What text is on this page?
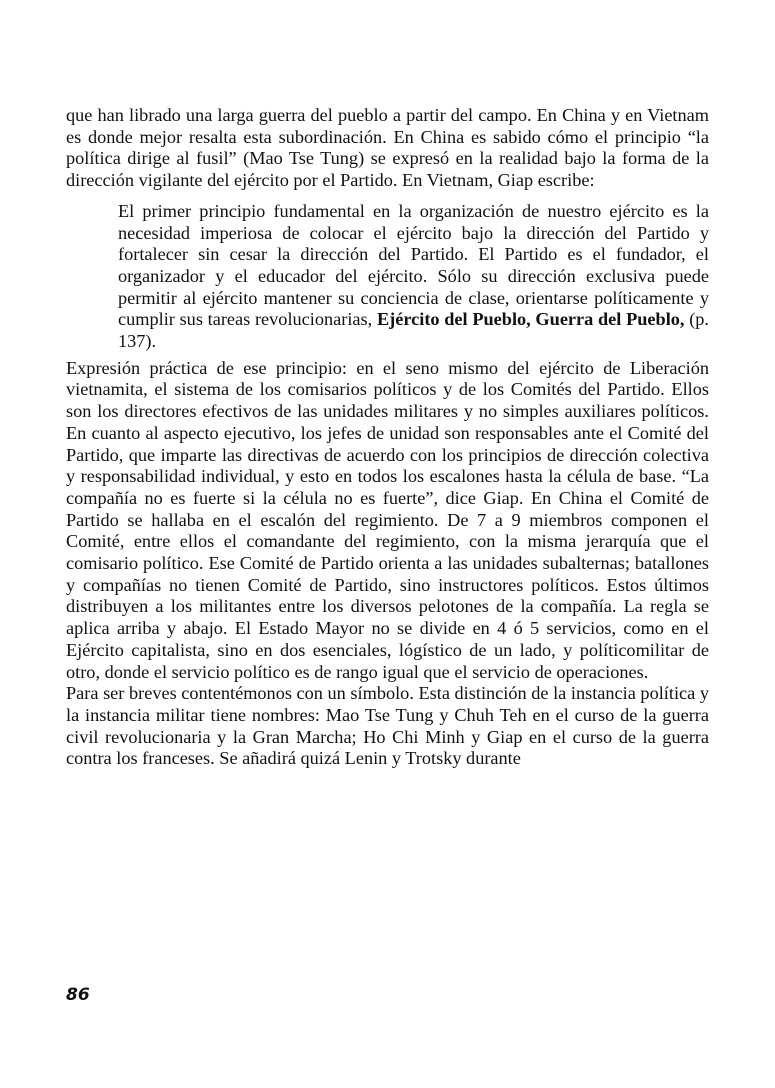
que han librado una larga guerra del pueblo a partir del campo. En China y en Vietnam es donde mejor resalta esta subordinación. En China es sabido cómo el principio “la política dirige al fusil” (Mao Tse Tung) se expresó en la realidad bajo la forma de la dirección vigilante del ejército por el Partido. En Vietnam, Giap escribe:

El primer principio fundamental en la organización de nuestro ejército es la necesidad imperiosa de colocar el ejército bajo la dirección del Partido y fortalecer sin cesar la dirección del Partido. El Partido es el fundador, el organizador y el educador del ejército. Sólo su dirección exclusiva puede permitir al ejército mantener su conciencia de clase, orientarse políticamente y cumplir sus tareas revolucionarias, Ejército del Pueblo, Guerra del Pueblo, (p. 137).

Expresión práctica de ese principio: en el seno mismo del ejército de Liberación vietnamita, el sistema de los comisarios políticos y de los Comités del Partido. Ellos son los directores efectivos de las unidades militares y no simples auxiliares políticos. En cuanto al aspecto ejecutivo, los jefes de unidad son responsables ante el Comité del Partido, que imparte las directivas de acuerdo con los principios de dirección colectiva y responsabilidad individual, y esto en todos los escalones hasta la célula de base. “La compañía no es fuerte si la célula no es fuerte”, dice Giap. En China el Comité de Partido se hallaba en el escalón del regimiento. De 7 a 9 miembros componen el Comité, entre ellos el comandante del regimiento, con la misma jerarquía que el comisario político. Ese Comité de Partido orienta a las unidades subalternas; batallones y compañías no tienen Comité de Partido, sino instructores políticos. Estos últimos distribuyen a los militantes entre los diversos pelotones de la compañía. La regla se aplica arriba y abajo. El Estado Mayor no se divide en 4 ó 5 servicios, como en el Ejército capitalista, sino en dos esenciales, lógístico de un lado, y políticomilitar de otro, donde el servicio político es de rango igual que el servicio de operaciones.

Para ser breves contentémonos con un símbolo. Esta distinción de la instancia política y la instancia militar tiene nombres: Mao Tse Tung y Chuh Teh en el curso de la guerra civil revolucionaria y la Gran Marcha; Ho Chi Minh y Giap en el curso de la guerra contra los franceses. Se añadirá quizá Lenin y Trotsky durante

86
